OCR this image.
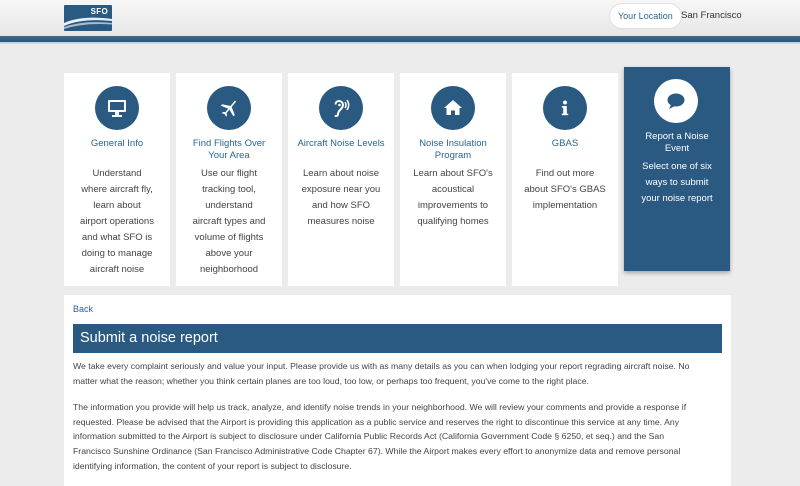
SFO	Your Location San Francisco
General Info
Understand
where aircraft fly,
learn about
airport operations
and what SFO is
doing to manage
aircraft noise
Find Flights Over
Your Area
Use our flight
tracking tool,
understand
aircraft types and
volume of flights
above your
neighborhood
Aircraft Noise Levels
Learn about noise
exposure near you
and how SFO
measures noise
Noise Insulation
Program
Learn about SFO's
acoustical
improvements to
qualifying homes
GBAS
Find out more
about SFO's GBAS
implementation
Report a Noise
Event
Select one of six
ways to submit
your noise report
Back
Submit a noise report
We take every complaint seriously and value your input. Please provide us with as many details as you can when lodging your report regrading aircraft noise. No
matter what the reason; whether you think certain planes are too loud, too low, or perhaps too frequent, you've come to the right place.
The information you provide will help us track, analyze, and identify noise trends in your neighborhood. We will review your comments and provide a response if
requested. Please be advised that the Airport is providing this application as a public service and reserves the right to discontinue this service at any time. Any
information submitted to the Airport is subject to disclosure under California Public Records Act (California Government Code § 6250, et seq.) and the San
Francisco Sunshine Ordinance (San Francisco Administrative Code Chapter 67). While the Airport makes every effort to anonymize data and remove personal
identifying information, the content of your report is subject to disclosure.
